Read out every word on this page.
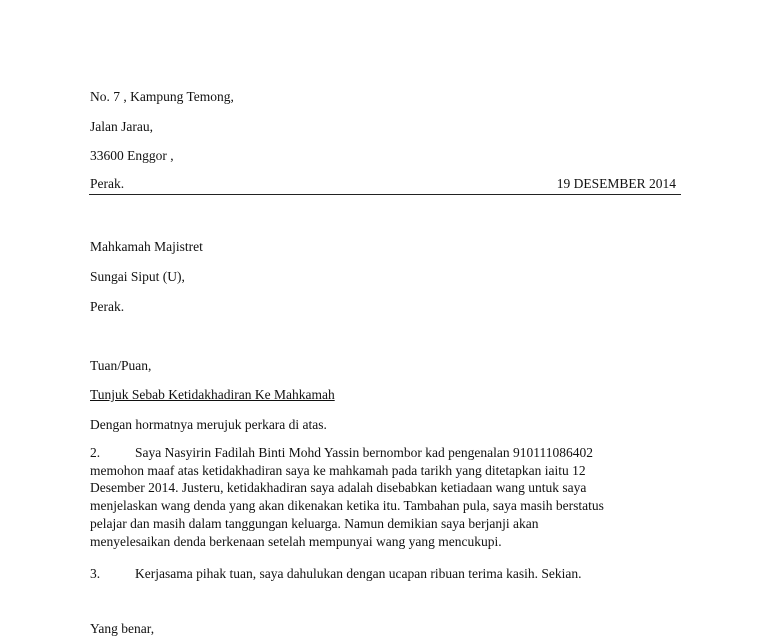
No. 7 , Kampung Temong,
Jalan Jarau,
33600 Enggor ,
Perak.	19 DESEMBER 2014
Mahkamah Majistret
Sungai Siput (U),
Perak.
Tuan/Puan,
Tunjuk Sebab Ketidakhadiran Ke Mahkamah
Dengan hormatnya merujuk perkara di atas.

2.	Saya Nasyirin Fadilah Binti Mohd Yassin bernombor kad pengenalan 910111086402

memohon maaf atas ketidakhadiran saya ke mahkamah pada tarikh yang ditetapkan iaitu 12

Desember 2014. Justeru, ketidakhadiran saya adalah disebabkan ketiadaan wang untuk saya

menjelaskan wang denda yang akan dikenakan ketika itu. Tambahan pula, saya masih berstatus

pelajar dan masih dalam tanggungan keluarga. Namun demikian saya berjanji akan

menyelesaikan denda berkenaan setelah mempunyai wang yang mencukupi.

3.	Kerjasama pihak tuan, saya dahulukan dengan ucapan ribuan terima kasih. Sekian.

Yang benar,
